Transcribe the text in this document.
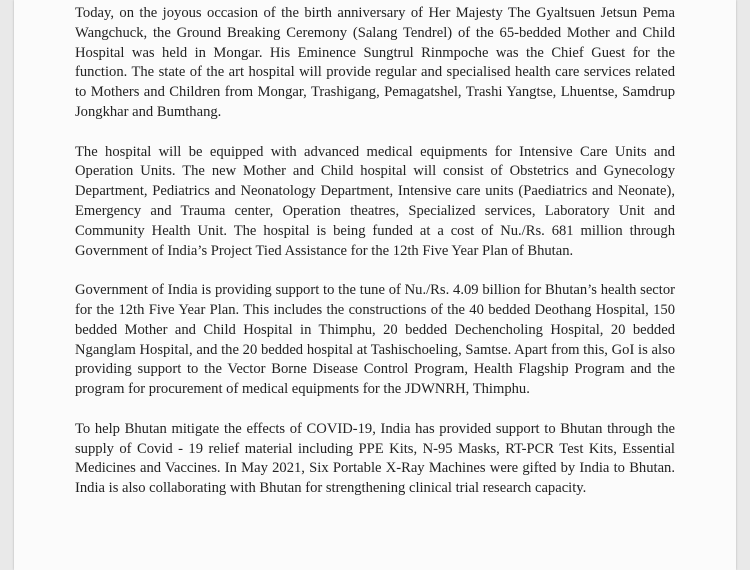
Today, on the joyous occasion of the birth anniversary of Her Majesty The Gyaltsuen Jetsun Pema Wangchuck, the Ground Breaking Ceremony (Salang Tendrel) of the 65-bedded Mother and Child Hospital was held in Mongar. His Eminence Sungtrul Rinmpoche was the Chief Guest for the function. The state of the art hospital will provide regular and specialised health care services related to Mothers and Children from Mongar, Trashigang, Pemagatshel, Trashi Yangtse, Lhuentse, Samdrup Jongkhar and Bumthang.

The hospital will be equipped with advanced medical equipments for Intensive Care Units and Operation Units. The new Mother and Child hospital will consist of Obstetrics and Gynecology Department, Pediatrics and Neonatology Department, Intensive care units (Paediatrics and Neonate), Emergency and Trauma center, Operation theatres, Specialized services, Laboratory Unit and Community Health Unit. The hospital is being funded at a cost of Nu./Rs. 681 million through Government of India’s Project Tied Assistance for the 12th Five Year Plan of Bhutan.

Government of India is providing support to the tune of Nu./Rs. 4.09 billion for Bhutan’s health sector for the 12th Five Year Plan. This includes the constructions of the 40 bedded Deothang Hospital, 150 bedded Mother and Child Hospital in Thimphu, 20 bedded Dechencholing Hospital, 20 bedded Nganglam Hospital, and the 20 bedded hospital at Tashischoeling, Samtse. Apart from this, GoI is also providing support to the Vector Borne Disease Control Program, Health Flagship Program and the program for procurement of medical equipments for the JDWNRH, Thimphu.

To help Bhutan mitigate the effects of COVID-19, India has provided support to Bhutan through the supply of Covid - 19 relief material including PPE Kits, N-95 Masks, RT-PCR Test Kits, Essential Medicines and Vaccines. In May 2021, Six Portable X-Ray Machines were gifted by India to Bhutan. India is also collaborating with Bhutan for strengthening clinical trial research capacity.
